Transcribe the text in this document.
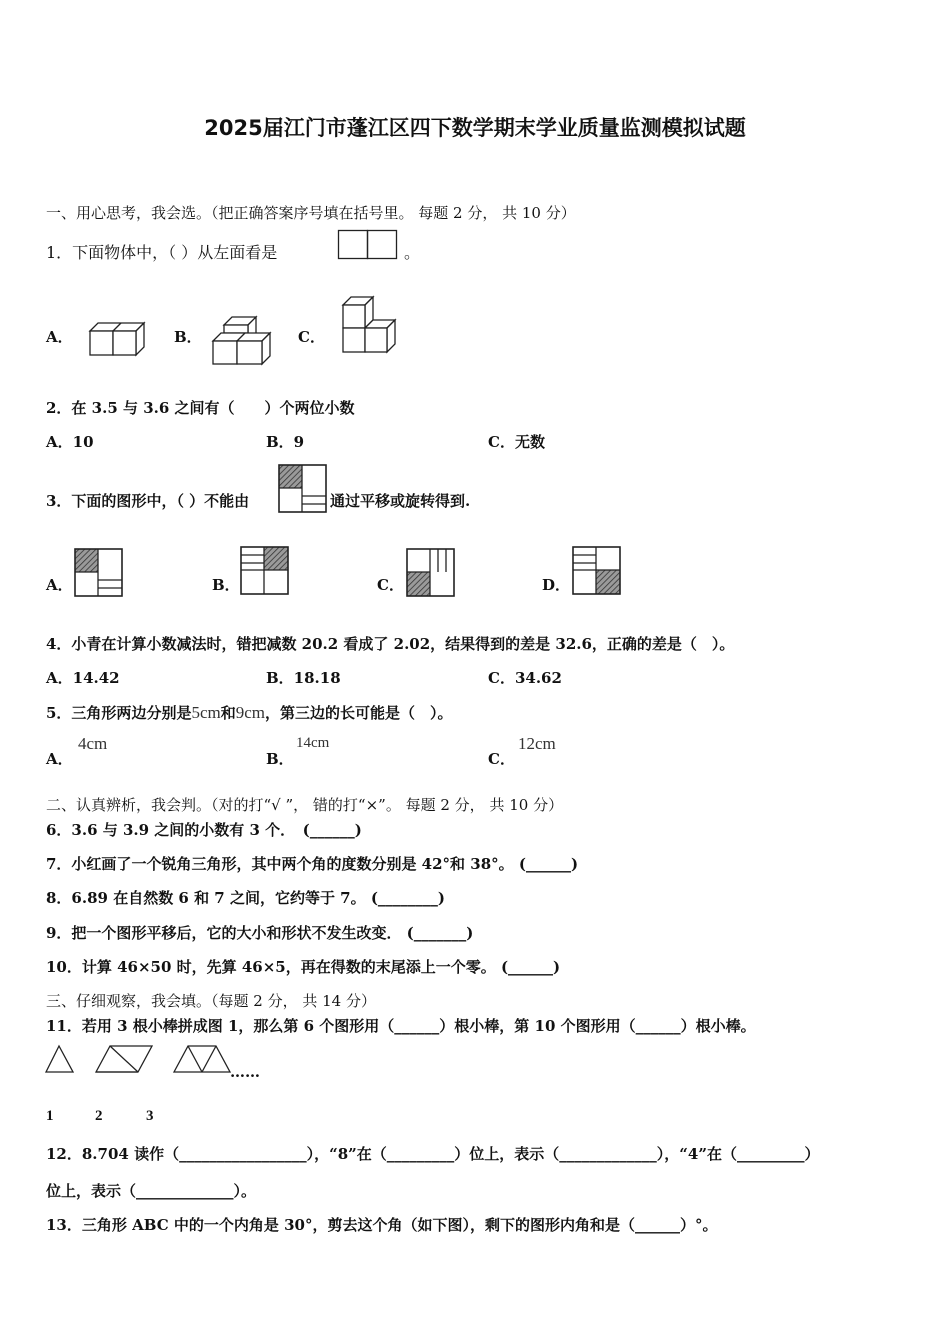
2025届江门市蓬江区四下数学期末学业质量监测模拟试题
一、用心思考，我会选。（把正确答案序号填在括号里。 每题 2 分， 共 10 分）
1．下面物体中，（ ）从左面看是	。
A．	B．	C．
2．在 3.5 与 3.6 之间有（　　）个两位小数
A．10	B．9	C．无数
3．下面的图形中，（ ）不能由	通过平移或旋转得到.
A．	B．	C．	D．
4．小青在计算小数减法时，错把减数 20.2 看成了 2.02，结果得到的差是 32.6，正确的差是（　）。
A．14.42	B．18.18	C．34.62
5．三角形两边分别是5cm和9cm，第三边的长可能是（　）。
A．
4cm
B．
14cm
C．
12cm
二、认真辨析，我会判。（对的打“√ ”， 错的打“×”。 每题 2 分， 共 10 分）
6．3.6 与 3.9 之间的小数有 3 个．　(______)
7．小红画了一个锐角三角形，其中两个角的度数分别是 42°和 38°。 (______)
8．6.89 在自然数 6 和 7 之间，它约等于 7。 (________)
9．把一个图形平移后，它的大小和形状不发生改变． (_______)
10．计算 46×50 时，先算 46×5，再在得数的末尾添上一个零。 (______)
三、仔细观察，我会填。（每题 2 分， 共 14 分）
11．若用 3 根小棒拼成图 1，那么第 6 个图形用（______）根小棒，第 10 个图形用（______）根小棒。
……
1	2	3
12．8.704 读作（_________________），“8”在（_________）位上，表示（_____________），“4”在（_________）
位上，表示（_____________）。
13．三角形 ABC 中的一个内角是 30°，剪去这个角（如下图），剩下的图形内角和是（______）°。
